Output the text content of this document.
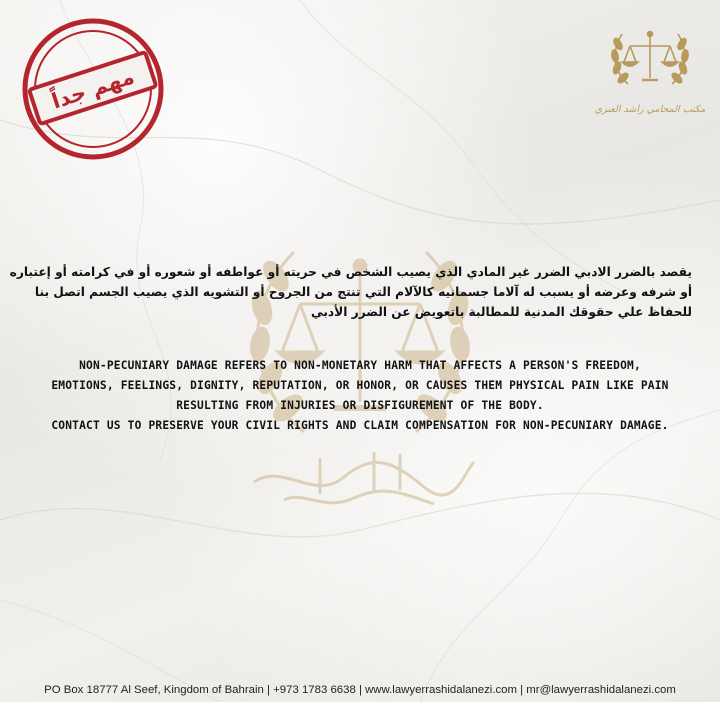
مهم جداً	مكتب المحامي راشد العنزي
يقصد بالضرر الادبي الضرر غير المادي الذي يصيب الشخص في حريته أو عواطفه أو شعوره أو في كرامته أو إعتباره
أو شرفه وعرضه أو يسبب له آلاما جسمانيه كالآلام التي تنتج من الجروح أو التشويه الذي يصيب الجسم اتصل بنا
للحفاظ علي حقوقك المدنية للمطالبة باتعويض عن الضرر الأدبي
NON-PECUNIARY DAMAGE REFERS TO NON-MONETARY HARM THAT AFFECTS A PERSON'S FREEDOM,
EMOTIONS, FEELINGS, DIGNITY, REPUTATION, OR HONOR, OR CAUSES THEM PHYSICAL PAIN LIKE PAIN
RESULTING FROM INJURIES OR DISFIGUREMENT OF THE BODY.
CONTACT US TO PRESERVE YOUR CIVIL RIGHTS AND CLAIM COMPENSATION FOR NON-PECUNIARY DAMAGE.
PO Box 18777 Al Seef, Kingdom of Bahrain | +973 1783 6638 | www.lawyerrashidalanezi.com | mr@lawyerrashidalanezi.com
